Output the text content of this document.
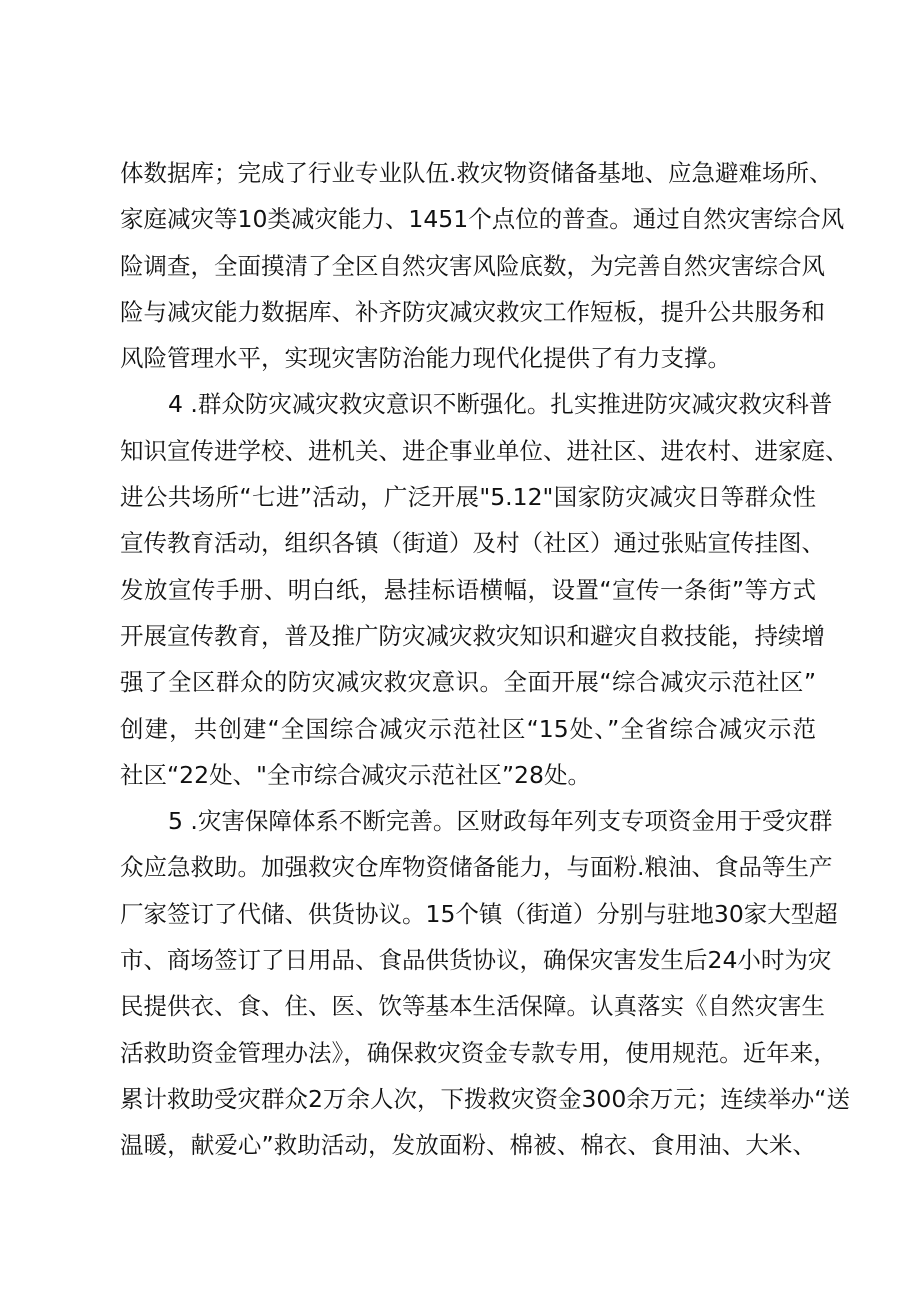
体数据库；完成了行业专业队伍.救灾物资储备基地、应急避难场所、
家庭减灾等10类减灾能力、1451个点位的普查。通过自然灾害综合风
险调查，全面摸清了全区自然灾害风险底数，为完善自然灾害综合风
险与减灾能力数据库、补齐防灾减灾救灾工作短板，提升公共服务和
风险管理水平，实现灾害防治能力现代化提供了有力支撑。
4 .群众防灾减灾救灾意识不断强化。扎实推进防灾减灾救灾科普
知识宣传进学校、进机关、进企事业单位、进社区、进农村、进家庭、
进公共场所“七进”活动，广泛开展"5.12"国家防灾减灾日等群众性
宣传教育活动，组织各镇（街道）及村（社区）通过张贴宣传挂图、
发放宣传手册、明白纸，悬挂标语横幅，设置“宣传一条街”等方式
开展宣传教育，普及推广防灾减灾救灾知识和避灾自救技能，持续增
强了全区群众的防灾减灾救灾意识。全面开展“综合减灾示范社区”
创建，共创建“全国综合减灾示范社区“15处、”全省综合减灾示范
社区“22处、"全市综合减灾示范社区”28处。
5 .灾害保障体系不断完善。区财政每年列支专项资金用于受灾群
众应急救助。加强救灾仓库物资储备能力，与面粉.粮油、食品等生产
厂家签订了代储、供货协议。15个镇（街道）分别与驻地30家大型超
市、商场签订了日用品、食品供货协议，确保灾害发生后24小时为灾
民提供衣、食、住、医、饮等基本生活保障。认真落实《自然灾害生
活救助资金管理办法》，确保救灾资金专款专用，使用规范。近年来，
累计救助受灾群众2万余人次，下拨救灾资金300余万元；连续举办“送
温暖，献爱心”救助活动，发放面粉、棉被、棉衣、食用油、大米、
